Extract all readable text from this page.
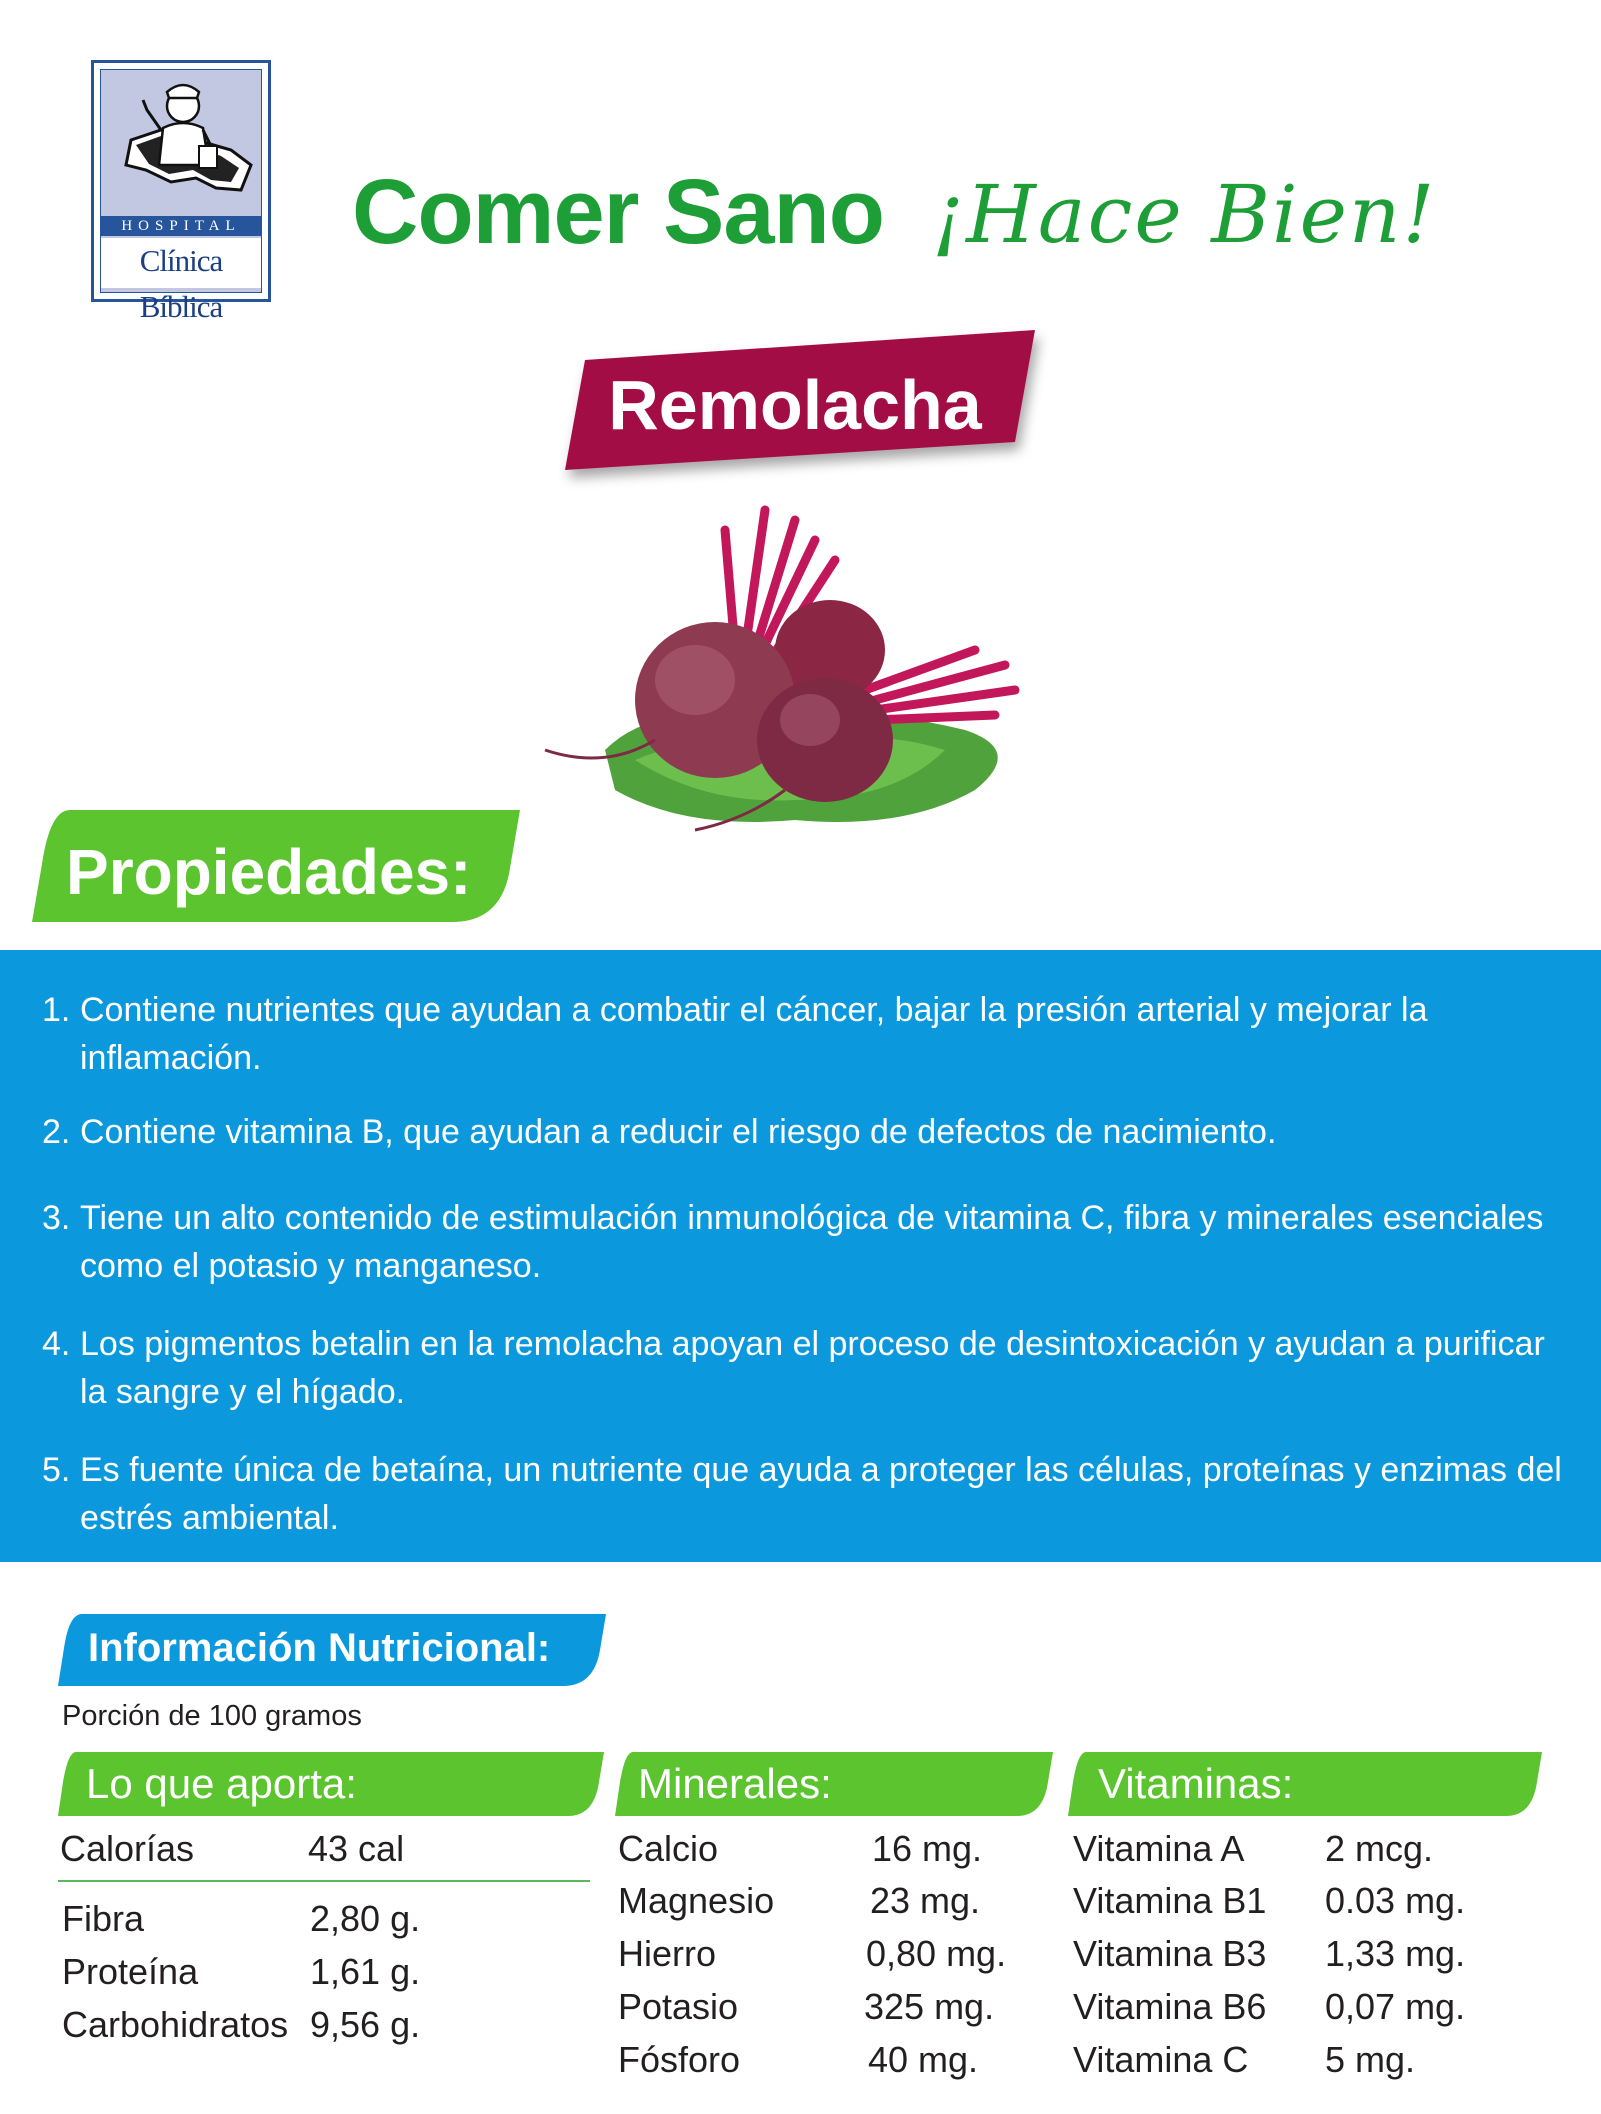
HOSPITAL
Clínica Bíblica
Comer Sano ¡Hace Bien!
Remolacha
Propiedades:
1. Contiene nutrientes que ayudan a combatir el cáncer, bajar la presión arterial y mejorar la inflamación.
2. Contiene vitamina B, que ayudan a reducir el riesgo de defectos de nacimiento.
3. Tiene un alto contenido de estimulación inmunológica de vitamina C, fibra y minerales esenciales como el potasio y manganeso.
4. Los pigmentos betalin en la remolacha apoyan el proceso de desintoxicación y ayudan a purificar la sangre y el hígado.
5. Es fuente única de betaína, un nutriente que ayuda a proteger las células, proteínas y enzimas del estrés ambiental.
Información Nutricional:
Porción de 100 gramos
Lo que aporta:	Minerales:	Vitaminas:
Calorías	43 cal
Fibra	2,80 g.
Proteína	1,61 g.
Carbohidratos 9,56 g.
Calcio	16 mg.
Magnesio	23 mg.
Hierro	0,80 mg.
Potasio	325 mg.
Fósforo	40 mg.
Vitamina A 2 mcg.
Vitamina B1 0.03 mg.
Vitamina B3 1,33 mg.
Vitamina B6 0,07 mg.
Vitamina C 5 mg.
